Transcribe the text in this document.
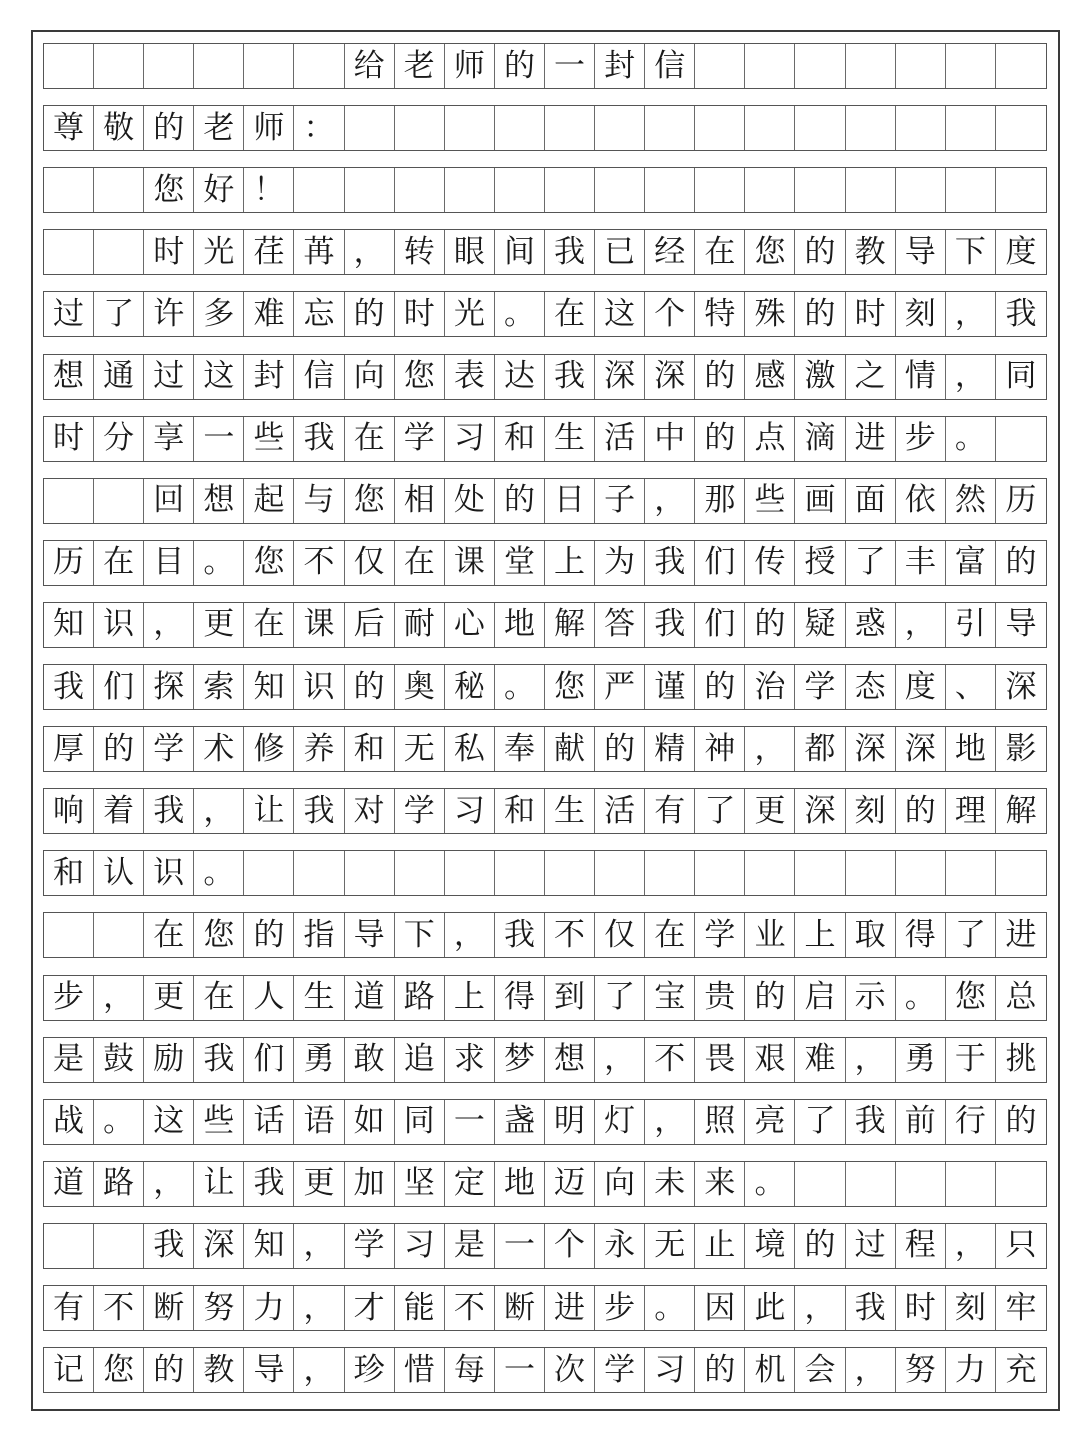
给 老 师 的 一 封 信
尊 敬 的 老 师 ：
您 好 ！
时 光 荏 苒 ， 转 眼 间 我 已 经 在 您 的 教 导 下 度
过 了 许 多 难 忘 的 时 光 。 在 这 个 特 殊 的 时 刻 ， 我
想 通 过 这 封 信 向 您 表 达 我 深 深 的 感 激 之 情 ， 同
时 分 享 一 些 我 在 学 习 和 生 活 中 的 点 滴 进 步 。
回 想 起 与 您 相 处 的 日 子 ， 那 些 画 面 依 然 历
历 在 目 。 您 不 仅 在 课 堂 上 为 我 们 传 授 了 丰 富 的
知 识 ， 更 在 课 后 耐 心 地 解 答 我 们 的 疑 惑 ， 引 导
我 们 探 索 知 识 的 奥 秘 。 您 严 谨 的 治 学 态 度 、 深
厚 的 学 术 修 养 和 无 私 奉 献 的 精 神 ， 都 深 深 地 影
响 着 我 ， 让 我 对 学 习 和 生 活 有 了 更 深 刻 的 理 解
和 认 识 。
在 您 的 指 导 下 ， 我 不 仅 在 学 业 上 取 得 了 进
步 ， 更 在 人 生 道 路 上 得 到 了 宝 贵 的 启 示 。 您 总
是 鼓 励 我 们 勇 敢 追 求 梦 想 ， 不 畏 艰 难 ， 勇 于 挑
战 。 这 些 话 语 如 同 一 盏 明 灯 ， 照 亮 了 我 前 行 的
道 路 ， 让 我 更 加 坚 定 地 迈 向 未 来 。
我 深 知 ， 学 习 是 一 个 永 无 止 境 的 过 程 ， 只
有 不 断 努 力 ， 才 能 不 断 进 步 。 因 此 ， 我 时 刻 牢
记 您 的 教 导 ， 珍 惜 每 一 次 学 习 的 机 会 ， 努 力 充
